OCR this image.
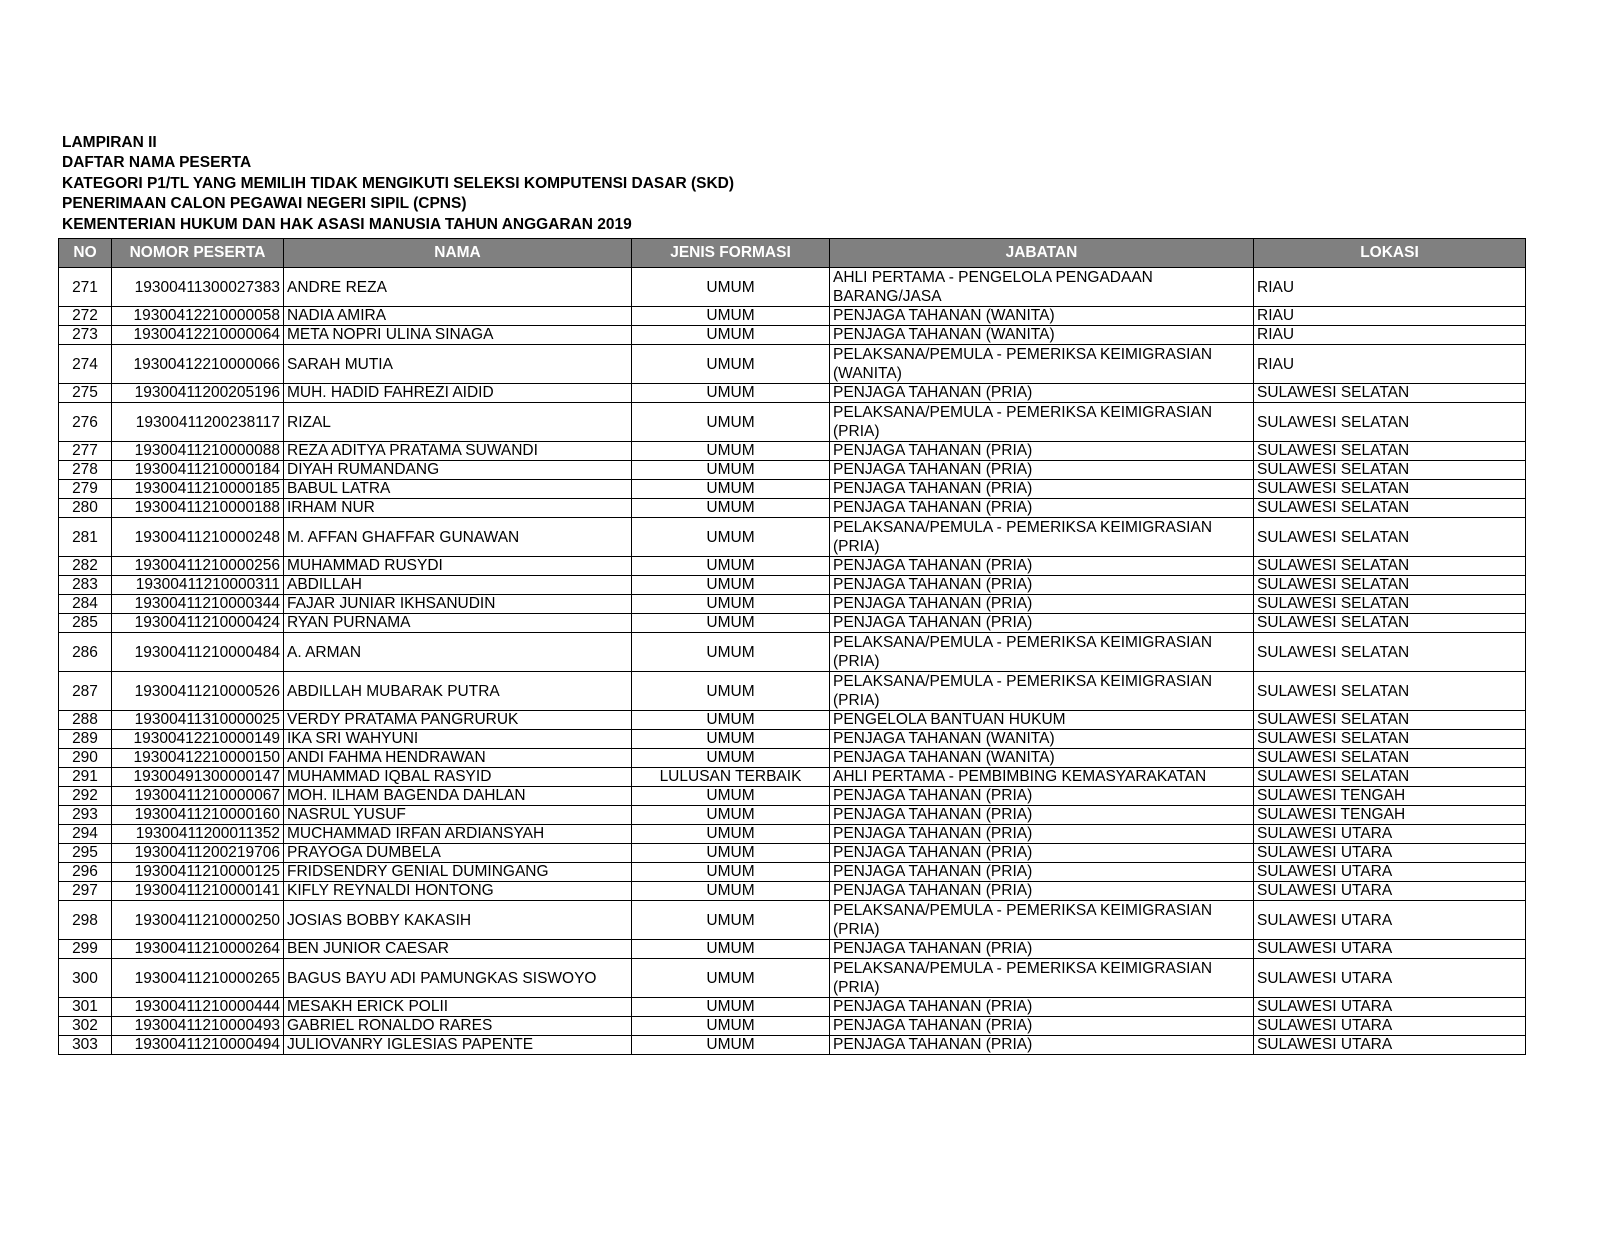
LAMPIRAN II
DAFTAR NAMA PESERTA
KATEGORI P1/TL YANG MEMILIH TIDAK MENGIKUTI SELEKSI KOMPUTENSI DASAR (SKD)
PENERIMAAN CALON PEGAWAI NEGERI SIPIL (CPNS)
KEMENTERIAN HUKUM DAN HAK ASASI MANUSIA TAHUN ANGGARAN 2019
NO	NOMOR PESERTA	NAMA	JENIS FORMASI	JABATAN	LOKASI
271	19300411300027383	ANDRE REZA	UMUM	AHLI PERTAMA - PENGELOLA PENGADAAN BARANG/JASA	RIAU
272	19300412210000058	NADIA AMIRA	UMUM	PENJAGA TAHANAN (WANITA)	RIAU
273	19300412210000064	META NOPRI ULINA SINAGA	UMUM	PENJAGA TAHANAN (WANITA)	RIAU
274	19300412210000066	SARAH MUTIA	UMUM	PELAKSANA/PEMULA - PEMERIKSA KEIMIGRASIAN (WANITA)	RIAU
275	19300411200205196	MUH. HADID FAHREZI AIDID	UMUM	PENJAGA TAHANAN (PRIA)	SULAWESI SELATAN
276	19300411200238117	RIZAL	UMUM	PELAKSANA/PEMULA - PEMERIKSA KEIMIGRASIAN (PRIA)	SULAWESI SELATAN
277	19300411210000088	REZA ADITYA PRATAMA SUWANDI	UMUM	PENJAGA TAHANAN (PRIA)	SULAWESI SELATAN
278	19300411210000184	DIYAH RUMANDANG	UMUM	PENJAGA TAHANAN (PRIA)	SULAWESI SELATAN
279	19300411210000185	BABUL LATRA	UMUM	PENJAGA TAHANAN (PRIA)	SULAWESI SELATAN
280	19300411210000188	IRHAM NUR	UMUM	PENJAGA TAHANAN (PRIA)	SULAWESI SELATAN
281	19300411210000248	M. AFFAN GHAFFAR GUNAWAN	UMUM	PELAKSANA/PEMULA - PEMERIKSA KEIMIGRASIAN (PRIA)	SULAWESI SELATAN
282	19300411210000256	MUHAMMAD RUSYDI	UMUM	PENJAGA TAHANAN (PRIA)	SULAWESI SELATAN
283	19300411210000311	ABDILLAH	UMUM	PENJAGA TAHANAN (PRIA)	SULAWESI SELATAN
284	19300411210000344	FAJAR JUNIAR IKHSANUDIN	UMUM	PENJAGA TAHANAN (PRIA)	SULAWESI SELATAN
285	19300411210000424	RYAN PURNAMA	UMUM	PENJAGA TAHANAN (PRIA)	SULAWESI SELATAN
286	19300411210000484	A. ARMAN	UMUM	PELAKSANA/PEMULA - PEMERIKSA KEIMIGRASIAN (PRIA)	SULAWESI SELATAN
287	19300411210000526	ABDILLAH MUBARAK PUTRA	UMUM	PELAKSANA/PEMULA - PEMERIKSA KEIMIGRASIAN (PRIA)	SULAWESI SELATAN
288	19300411310000025	VERDY PRATAMA PANGRURUK	UMUM	PENGELOLA BANTUAN HUKUM	SULAWESI SELATAN
289	19300412210000149	IKA SRI WAHYUNI	UMUM	PENJAGA TAHANAN (WANITA)	SULAWESI SELATAN
290	19300412210000150	ANDI FAHMA HENDRAWAN	UMUM	PENJAGA TAHANAN (WANITA)	SULAWESI SELATAN
291	19300491300000147	MUHAMMAD IQBAL RASYID	LULUSAN TERBAIK	AHLI PERTAMA - PEMBIMBING KEMASYARAKATAN	SULAWESI SELATAN
292	19300411210000067	MOH. ILHAM BAGENDA DAHLAN	UMUM	PENJAGA TAHANAN (PRIA)	SULAWESI TENGAH
293	19300411210000160	NASRUL YUSUF	UMUM	PENJAGA TAHANAN (PRIA)	SULAWESI TENGAH
294	19300411200011352	MUCHAMMAD IRFAN ARDIANSYAH	UMUM	PENJAGA TAHANAN (PRIA)	SULAWESI UTARA
295	19300411200219706	PRAYOGA DUMBELA	UMUM	PENJAGA TAHANAN (PRIA)	SULAWESI UTARA
296	19300411210000125	FRIDSENDRY GENIAL DUMINGANG	UMUM	PENJAGA TAHANAN (PRIA)	SULAWESI UTARA
297	19300411210000141	KIFLY REYNALDI HONTONG	UMUM	PENJAGA TAHANAN (PRIA)	SULAWESI UTARA
298	19300411210000250	JOSIAS BOBBY KAKASIH	UMUM	PELAKSANA/PEMULA - PEMERIKSA KEIMIGRASIAN (PRIA)	SULAWESI UTARA
299	19300411210000264	BEN JUNIOR CAESAR	UMUM	PENJAGA TAHANAN (PRIA)	SULAWESI UTARA
300	19300411210000265	BAGUS BAYU ADI PAMUNGKAS SISWOYO	UMUM	PELAKSANA/PEMULA - PEMERIKSA KEIMIGRASIAN (PRIA)	SULAWESI UTARA
301	19300411210000444	MESAKH ERICK POLII	UMUM	PENJAGA TAHANAN (PRIA)	SULAWESI UTARA
302	19300411210000493	GABRIEL RONALDO RARES	UMUM	PENJAGA TAHANAN (PRIA)	SULAWESI UTARA
303	19300411210000494	JULIOVANRY IGLESIAS PAPENTE	UMUM	PENJAGA TAHANAN (PRIA)	SULAWESI UTARA
